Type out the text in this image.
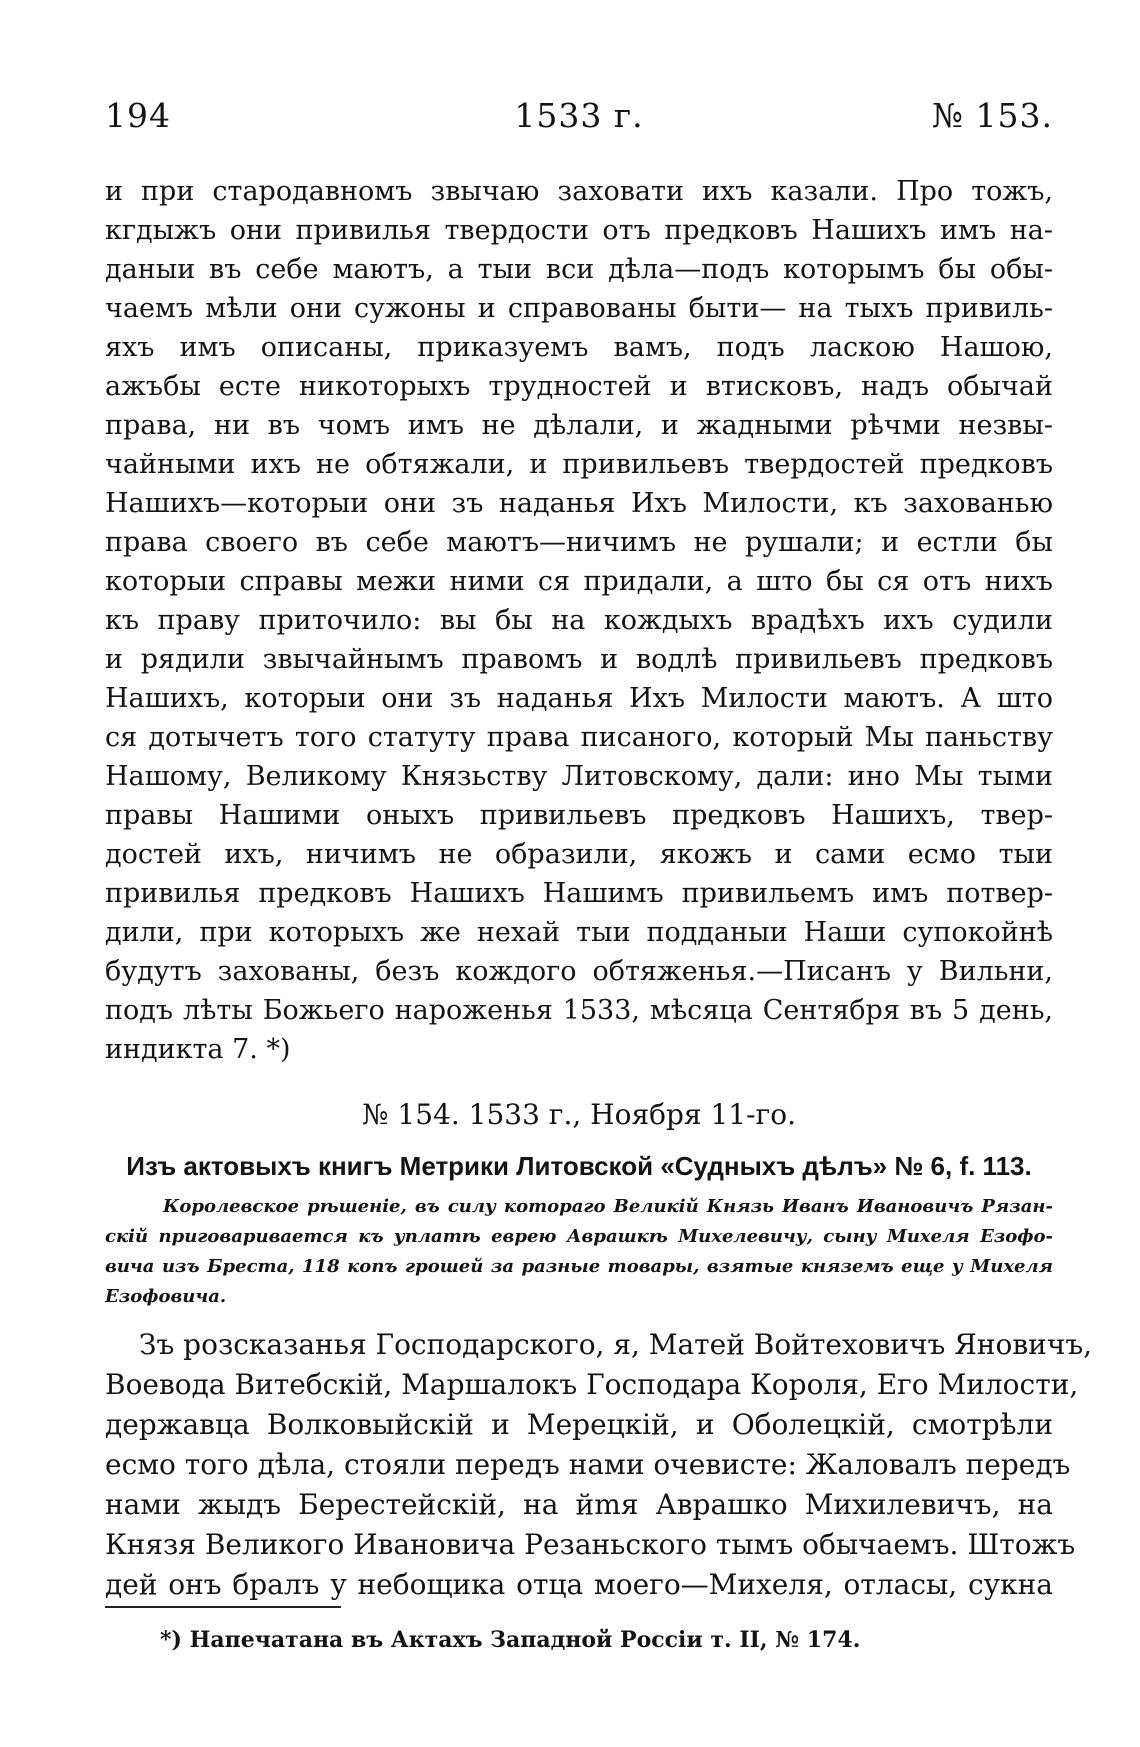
194	1533 г.	№ 153.
и при стародавномъ звычаю заховати ихъ казали. Про тожъ,
кгдыжъ они привилья твердости отъ предковъ Нашихъ имъ на-
даныи въ себе маютъ, а тыи вси дѣла—подъ которымъ бы обы-
чаемъ мѣли они сужоны и справованы быти— на тыхъ привиль-
яхъ имъ описаны, приказуемъ вамъ, подъ ласкою Нашою,
ажъбы есте никоторыхъ трудностей и втисковъ, надъ обычай
права, ни въ чомъ имъ не дѣлали, и жадными рѣчми незвы-
чайными ихъ не обтяжали, и привильевъ твердостей предковъ
Нашихъ—которыи они зъ наданья Ихъ Милости, къ захованью
права своего въ себе маютъ—ничимъ не рушали; и естли бы
которыи справы межи ними ся придали, а што бы ся отъ нихъ
къ праву приточило: вы бы на кождыхъ врадѣхъ ихъ судили
и рядили звычайнымъ правомъ и водлѣ привильевъ предковъ
Нашихъ, которыи они зъ наданья Ихъ Милости маютъ. А што
ся дотычетъ того статуту права писаного, который Мы паньству
Нашому, Великому Князьству Литовскому, дали: ино Мы тыми
правы Нашими оныхъ привильевъ предковъ Нашихъ, твер-
достей ихъ, ничимъ не образили, якожъ и сами есмо тыи
привилья предковъ Нашихъ Нашимъ привильемъ имъ потвер-
дили, при которыхъ же нехай тыи подданыи Наши супокойнѣ
будутъ захованы, безъ кождого обтяженья.—Писанъ у Вильни,
подъ лѣты Божьего нароженья 1533, мѣсяца Сентября въ 5 день,
индикта 7. *)
№ 154. 1533 г., Ноября 11-го.
Изъ актовыхъ книгъ Метрики Литовской «Судныхъ дѣлъ» № 6, f. 113.
Королевское рѣшеніе, въ силу котораго Великій Князь Иванъ Ивановичъ Рязан-
скій приговаривается къ уплатѣ еврею Аврашкѣ Михелевичу, сыну Михеля Езофо-
вича изъ Бреста, 118 копъ грошей за разные товары, взятые княземъ еще у Михеля
Езофовича.
Зъ розсказанья Господарского, я, Матей Войтеховичъ Яновичъ,
Воевода Витебскій, Маршалокъ Господара Короля, Его Милости,
державца Волковыйскій и Мерецкій, и Оболецкій, смотрѣли
есмо того дѣла, стояли передъ нами очевисте: Жаловалъ передъ
нами жыдъ Берестейскій, на йmя Аврашко Михилевичъ, на
Князя Великого Ивановича Резаньского тымъ обычаемъ. Штожъ
дей онъ бралъ у небощика отца моего—Михеля, отласы, сукна
*) Напечатана въ Актахъ Западной Россіи т. II, № 174.
